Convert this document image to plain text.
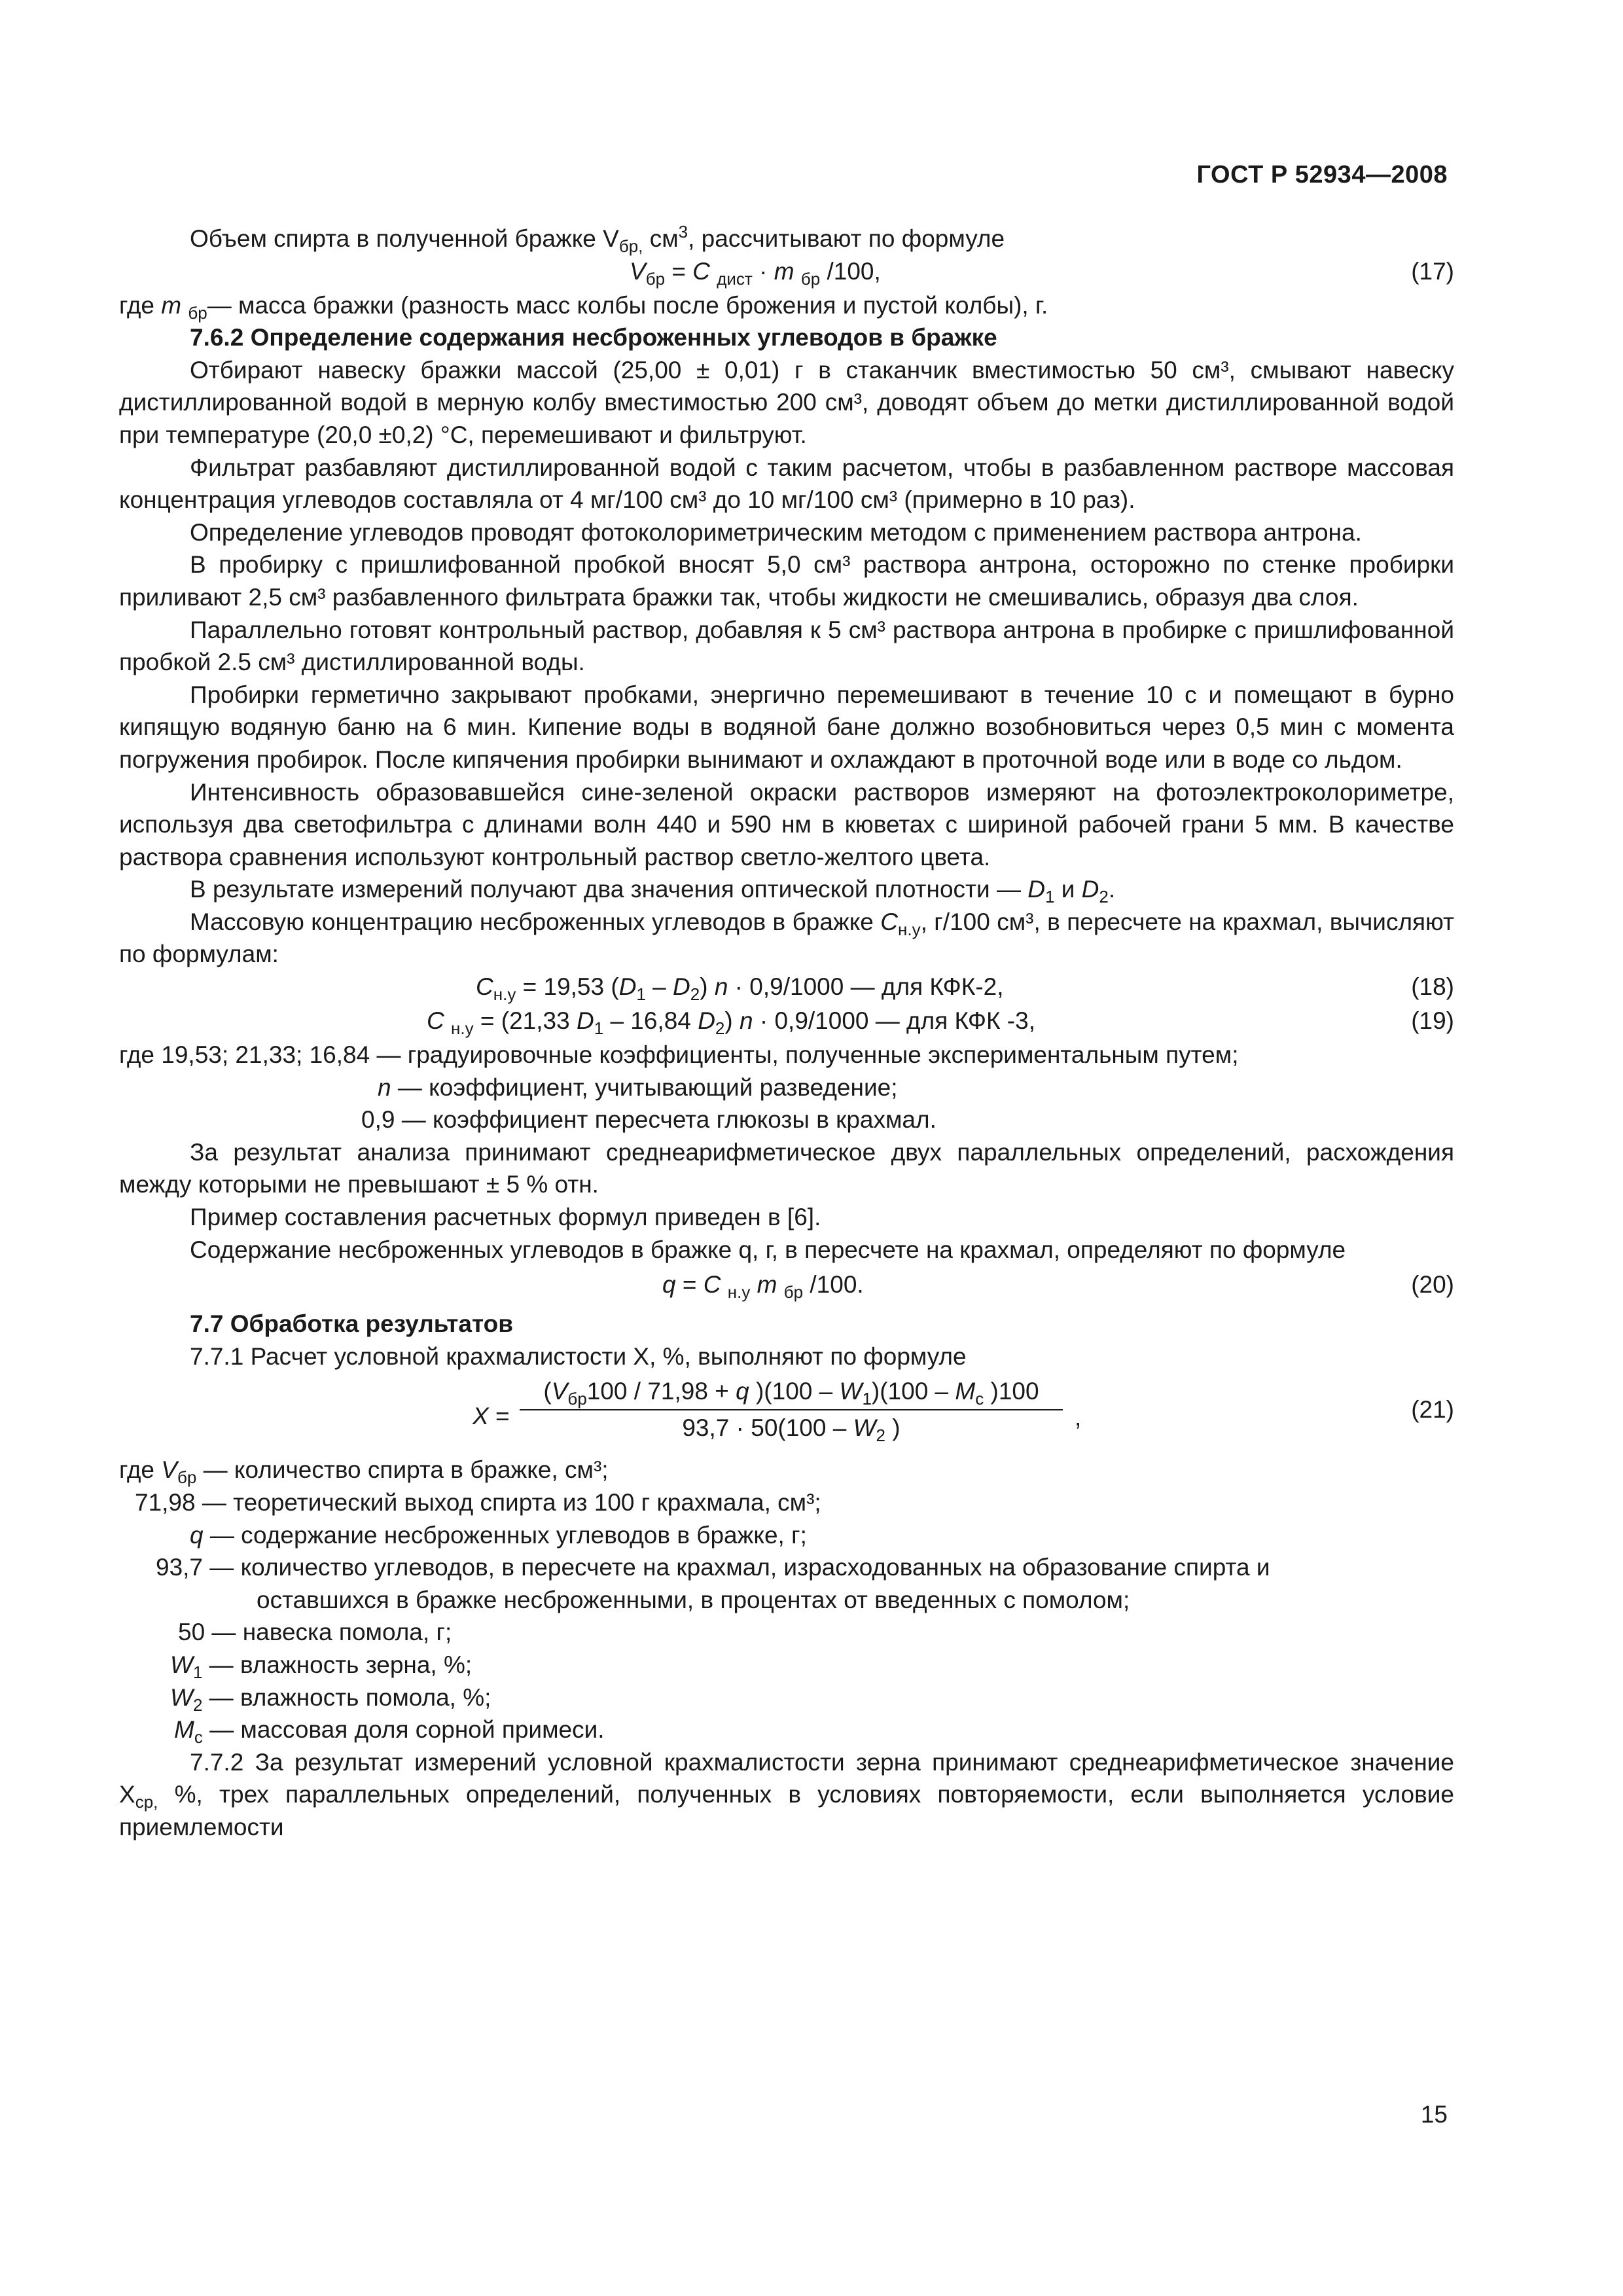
ГОСТ Р 52934—2008

Объем спирта в полученной бражке $V_{бр,}$ $см^3$, рассчитывают по формуле

$V_{бр} = C$ $_{дист}$ · m $_{бр}$ /100,	(17)

где m $_{бр}$— масса бражки (разность масс колбы после брожения и пустой колбы), г.

7.6.2 Определение содержания несброженных углеводов в бражке

Отбирают навеску бражки массой (25,00 ± 0,01) г в стаканчик вместимостью 50 см³, смывают навеску дистиллированной водой в мерную колбу вместимостью 200 см³, доводят объем до метки дистиллированной водой при температуре (20,0 ±0,2) °С, перемешивают и фильтруют.

Фильтрат разбавляют дистиллированной водой с таким расчетом, чтобы в разбавленном растворе массовая концентрация углеводов составляла от 4 мг/100 см³ до 10 мг/100 см³ (примерно в 10 раз).

Определение углеводов проводят фотоколориметрическим методом с применением раствора антрона.

В пробирку с пришлифованной пробкой вносят 5,0 см³ раствора антрона, осторожно по стенке пробирки приливают 2,5 см³ разбавленного фильтрата бражки так, чтобы жидкости не смешивались, образуя два слоя.

Параллельно готовят контрольный раствор, добавляя к 5 см³ раствора антрона в пробирке с пришлифованной пробкой 2.5 см³ дистиллированной воды.

Пробирки герметично закрывают пробками, энергично перемешивают в течение 10 с и помещают в бурно кипящую водяную баню на 6 мин. Кипение воды в водяной бане должно возобновиться через 0,5 мин с момента погружения пробирок. После кипячения пробирки вынимают и охлаждают в проточной воде или в воде со льдом.

Интенсивность образовавшейся сине-зеленой окраски растворов измеряют на фотоэлектроколориметре, используя два светофильтра с длинами волн 440 и 590 нм в кюветах с шириной рабочей грани 5 мм. В качестве раствора сравнения используют контрольный раствор светло-желтого цвета.

В результате измерений получают два значения оптической плотности — $D_1$ и $D_2$.

Массовую концентрацию несброженных углеводов в бражке $C_{н.у}$, г/100 см³, в пересчете на крахмал, вычисляют по формулам:

$C_{н.у} = 19,53$ $(D_1 - D_2) n \cdot 0,9/1000$ — для КФК-2,	(18)
C $_{н.у}$ = (21,33 $D_1 - 16,84$ $D_2$) n · 0,9/1000 — для КФК -3,	(19)

где 19,53; 21,33; 16,84 — градуировочные коэффициенты, полученные экспериментальным путем;

n — коэффициент, учитывающий разведение;

0,9 — коэффициент пересчета глюкозы в крахмал.

За результат анализа принимают среднеарифметическое двух параллельных определений, расхождения между которыми не превышают ± 5 % отн.

Пример составления расчетных формул приведен в [6].

Содержание несброженных углеводов в бражке q, г, в пересчете на крахмал, определяют по формуле

q = C $_{н.у}$ m $_{бр}$ /100.	(20)

7.7 Обработка результатов

7.7.1 Расчет условной крахмалистости X, %, выполняют по формуле

X =
($V_{бр}100 / 71,98 + q$ )$(100 - W_1)(100 - M_c$ )100
$93,7 \cdot 50(100 - W_2$ )	,	(21)

где $V_{бр}$ — количество спирта в бражке, см³;

71,98 — теоретический выход спирта из 100 г крахмала, см³;

q — содержание несброженных углеводов в бражке, г;

93,7 — количество углеводов, в пересчете на крахмал, израсходованных на образование спирта и

оставшихся в бражке несброженными, в процентах от введенных с помолом;

50 — навеска помола, г;

$W_1$ — влажность зерна, %;

$W_2$ — влажность помола, %;

$M_c$ — массовая доля сорной примеси.

7.7.2 За результат измерений условной крахмалистости зерна принимают среднеарифметическое значение $X_{ср,}$ %, трех параллельных определений, полученных в условиях повторяемости, если выполняется условие приемлемости

15
